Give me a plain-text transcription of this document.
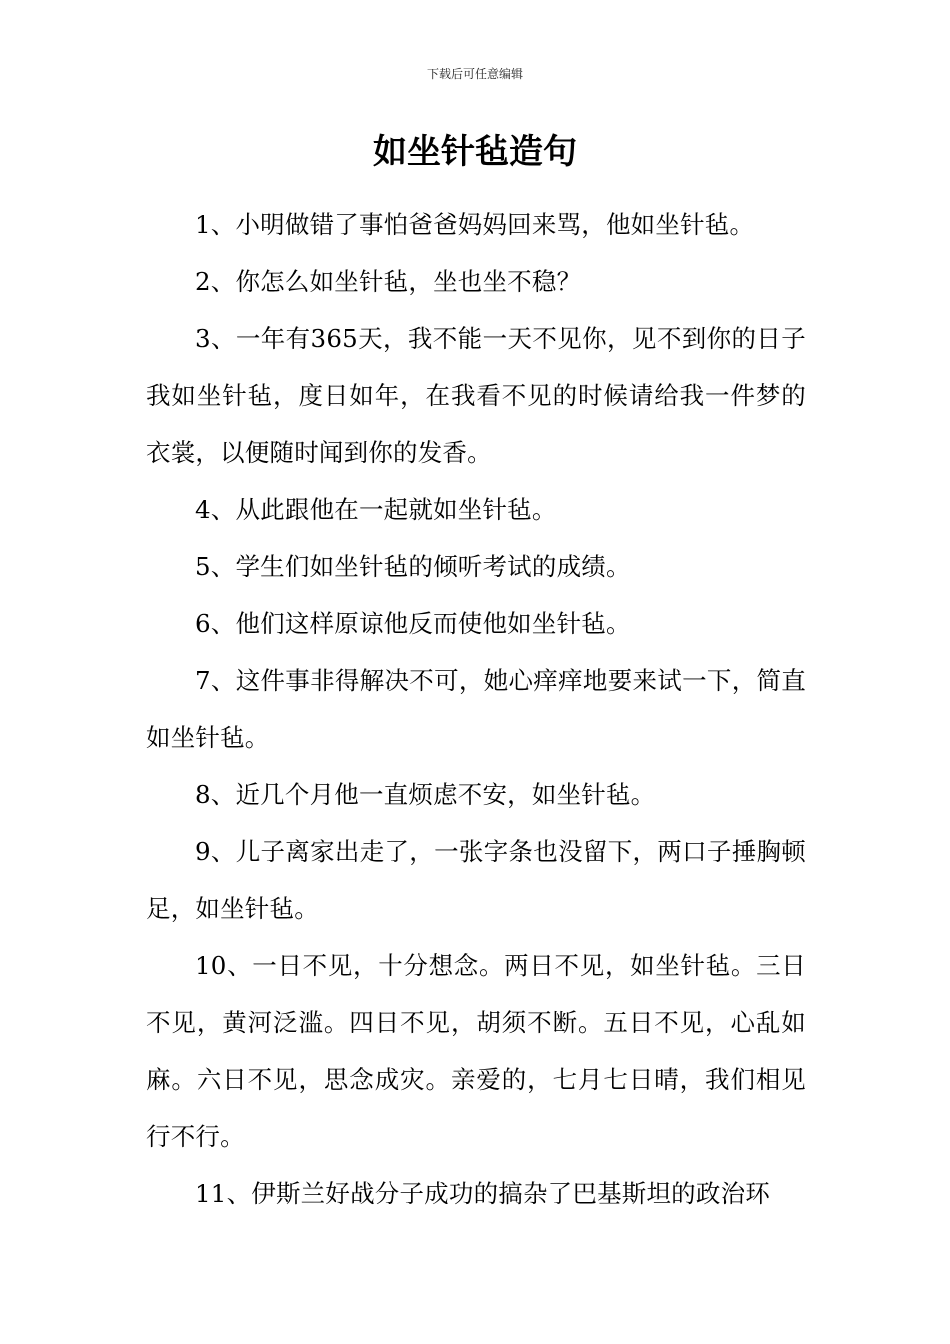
下载后可任意编辑
如坐针毡造句

1、小明做错了事怕爸爸妈妈回来骂，他如坐针毡。

2、你怎么如坐针毡，坐也坐不稳？

3、一年有365天，我不能一天不见你，见不到你的日子我如坐针毡，度日如年，在我看不见的时候请给我一件梦的衣裳，以便随时闻到你的发香。

4、从此跟他在一起就如坐针毡。

5、学生们如坐针毡的倾听考试的成绩。

6、他们这样原谅他反而使他如坐针毡。

7、这件事非得解决不可，她心痒痒地要来试一下，简直如坐针毡。

8、近几个月他一直烦虑不安，如坐针毡。

9、儿子离家出走了，一张字条也没留下，两口子捶胸顿足，如坐针毡。

10、一日不见，十分想念。两日不见，如坐针毡。三日不见，黄河泛滥。四日不见，胡须不断。五日不见，心乱如麻。六日不见，思念成灾。亲爱的，七月七日晴，我们相见行不行。

11、伊斯兰好战分子成功的搞杂了巴基斯坦的政治环
